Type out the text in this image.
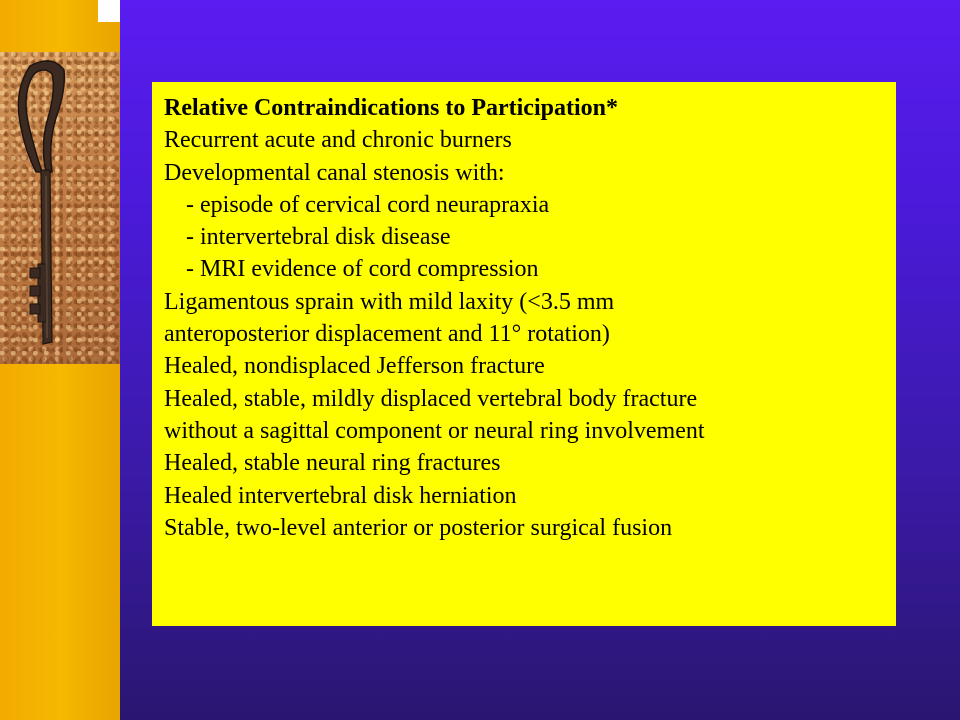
Relative Contraindications to Participation*
Recurrent acute and chronic burners
Developmental canal stenosis with:
- episode of cervical cord neurapraxia
- intervertebral disk disease
- MRI evidence of cord compression
Ligamentous sprain with mild laxity (<3.5 mm
anteroposterior displacement and 11° rotation)
Healed, nondisplaced Jefferson fracture
Healed, stable, mildly displaced vertebral body fracture
without a sagittal component or neural ring involvement
Healed, stable neural ring fractures
Healed intervertebral disk herniation
Stable, two-level anterior or posterior surgical fusion
